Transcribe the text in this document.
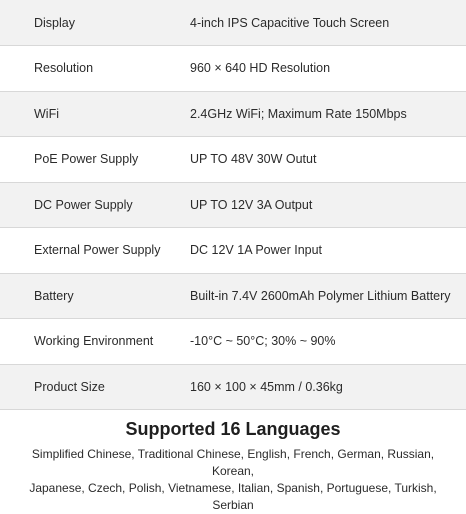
Display	4-inch IPS Capacitive Touch Screen
Resolution	960 × 640 HD Resolution
WiFi	2.4GHz WiFi; Maximum Rate 150Mbps
PoE Power Supply	UP TO 48V 30W Outut
DC Power Supply	UP TO 12V 3A Output
External Power Supply	DC 12V 1A Power Input
Battery	Built-in 7.4V 2600mAh Polymer Lithium Battery
Working Environment	-10°C ~ 50°C; 30% ~ 90%
Product Size	160 × 100 × 45mm / 0.36kg
Supported 16 Languages
Simplified Chinese, Traditional Chinese, English, French, German, Russian, Korean,
Japanese, Czech, Polish, Vietnamese, Italian, Spanish, Portuguese, Turkish, Serbian
